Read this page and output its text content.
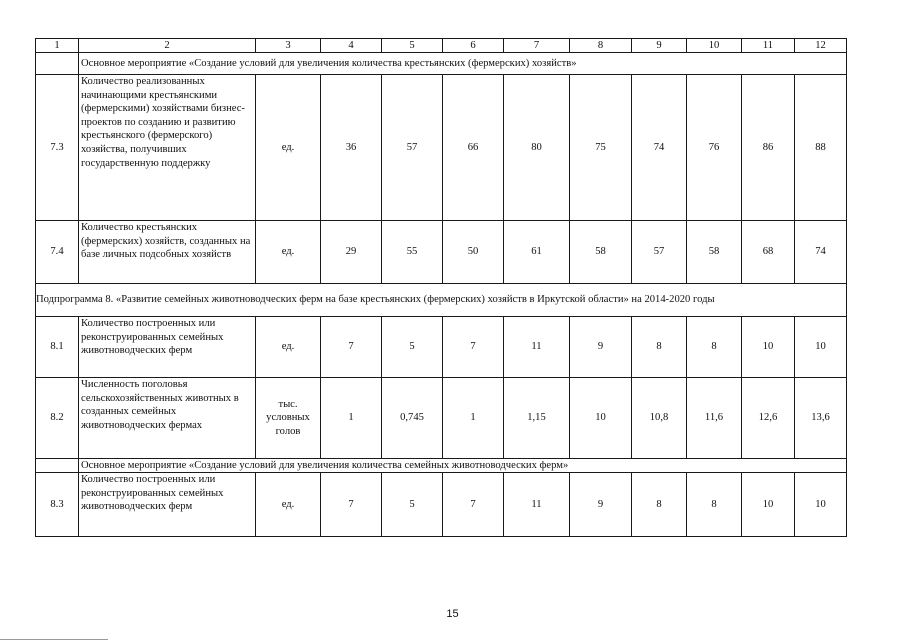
1	2	3	4	5	6	7	8	9	10	11	12
	Основное мероприятие «Создание условий для увеличения количества крестьянских (фермерских) хозяйств»										
7.3	Количество реализованных начинающими крестьянскими (фермерскими) хозяйствами бизнес-проектов по созданию и развитию крестьянского (фермерского) хозяйства, получивших государственную поддержку	ед.	36	57	66	80	75	74	76	86	88
7.4	Количество крестьянских (фермерских) хозяйств, созданных на базе личных подсобных хозяйств	ед.	29	55	50	61	58	57	58	68	74
Подпрограмма 8. «Развитие семейных животноводческих ферм на базе крестьянских (фермерских) хозяйств в Иркутской области» на 2014-2020 годы											
8.1	Количество построенных или реконструированных семейных животноводческих ферм	ед.	7	5	7	11	9	8	8	10	10
8.2	Численность поголовья сельскохозяйственных животных в созданных семейных животноводческих фермах	тыс. условных голов	1	0,745	1	1,15	10	10,8	11,6	12,6	13,6
	Основное мероприятие «Создание условий для увеличения количества семейных животноводческих ферм»										
8.3	Количество построенных или реконструированных семейных животноводческих ферм	ед.	7	5	7	11	9	8	8	10	10
15
